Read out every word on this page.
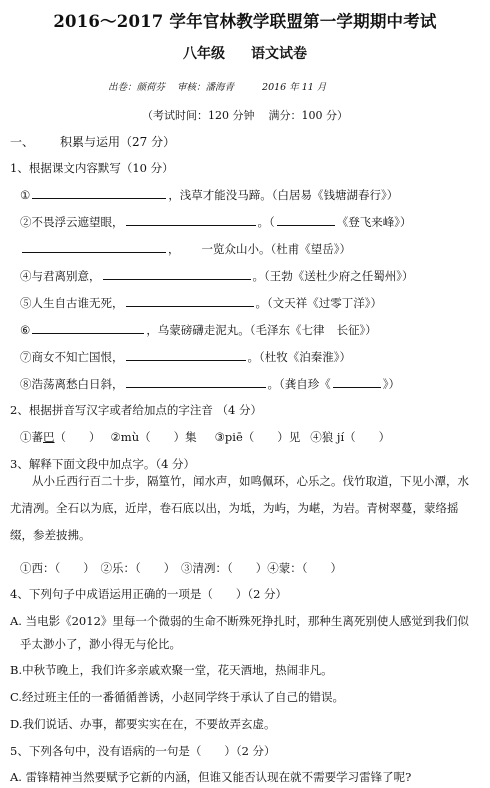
2016～2017 学年官林教学联盟第一学期期中考试
八年级 语文试卷
出卷：颜荷芬 审核：潘海青	2016 年 11 月
（考试时间：120 分钟 满分：100 分）
一、 积累与运用（27 分）
1、根据课文内容默写（10 分）
①	，浅草才能没马蹄。（白居易《钱塘湖春行》）
②不畏浮云遮望眼，	。（	《登飞来峰》）
， 一览众山小。（杜甫《望岳》）
④与君离别意，	。（王勃《送杜少府之任蜀州》）
⑤人生自古谁无死，	。（文天祥《过零丁洋》）
⑥	，乌蒙磅礴走泥丸。（毛泽东《七律 长征》）
⑦商女不知亡国恨，	。（杜牧《泊秦淮》）
⑧浩荡离愁白日斜，	。（龚自珍《	》）
2、根据拼音写汉字或者给加点的字注音 （4 分）
①蕃巴（　　） ②mù（　　）集 ③piē（　　）见 ④狼 jí（　　）
3、解释下面文段中加点字。（4 分）

从小丘西行百二十步，隔篁竹，闻水声，如鸣佩环，心乐之。伐竹取道，下见小潭，水尤清冽。全石以为底，近岸，卷石底以出，为坻，为屿，为嵁，为岩。青树翠蔓，蒙络摇缀，参差披拂。

①西：（　　）　②乐：（　　）　③清冽：（　　）④蒙：（　　）
4、下列句子中成语运用正确的一项是（　　）（2 分）
A. 当电影《2012》里每一个微弱的生命不断殊死挣扎时，那种生离死别使人感觉到我们似
乎太渺小了，渺小得无与伦比。
B.中秋节晚上，我们许多亲戚欢聚一堂，花天酒地，热闹非凡。
C.经过班主任的一番循循善诱，小赵同学终于承认了自己的错误。
D.我们说话、办事，都要实实在在，不要故弄玄虚。
5、下列各句中，没有语病的一句是（　　）（2 分）
A. 雷锋精神当然要赋予它新的内涵，但谁又能否认现在就不需要学习雷锋了呢?
